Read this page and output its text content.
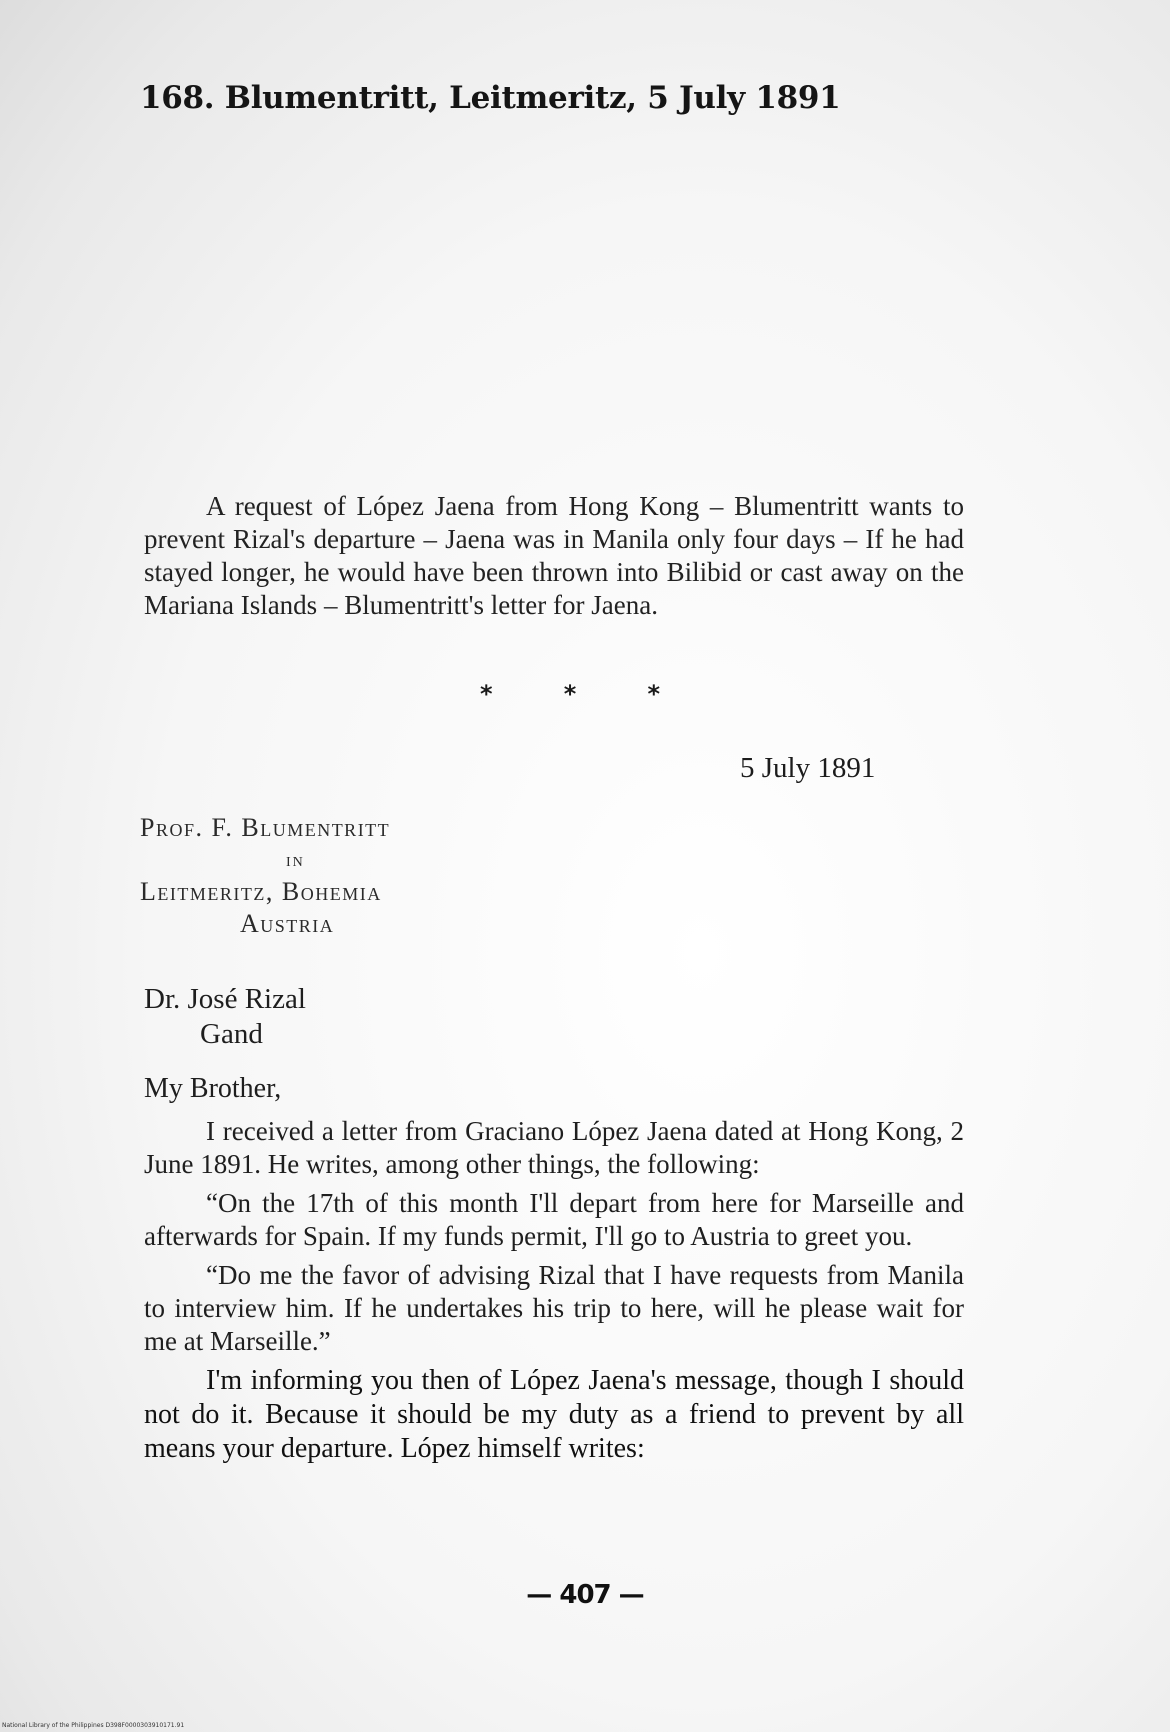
168. Blumentritt, Leitmeritz, 5 July 1891

A request of López Jaena from Hong Kong – Blumentritt wants to prevent Rizal's departure – Jaena was in Manila only four days – If he had stayed longer, he would have been thrown into Bilibid or cast away on the Mariana Islands – Blumentritt's letter for Jaena.

*	*	*

5 July 1891

Prof. F. Blumentritt
in
Leitmeritz, Bohemia
Austria
Dr. José Rizal
Gand

My Brother,

I received a letter from Graciano López Jaena dated at Hong Kong, 2 June 1891. He writes, among other things, the following:

“On the 17th of this month I'll depart from here for Marseille and afterwards for Spain. If my funds permit, I'll go to Austria to greet you.

“Do me the favor of advising Rizal that I have requests from Manila to interview him. If he undertakes his trip to here, will he please wait for me at Marseille.”

I'm informing you then of López Jaena's message, though I should not do it. Because it should be my duty as a friend to prevent by all means your departure. López himself writes:

— 407 —

National Library of the Philippines D398F0000303910171.91
